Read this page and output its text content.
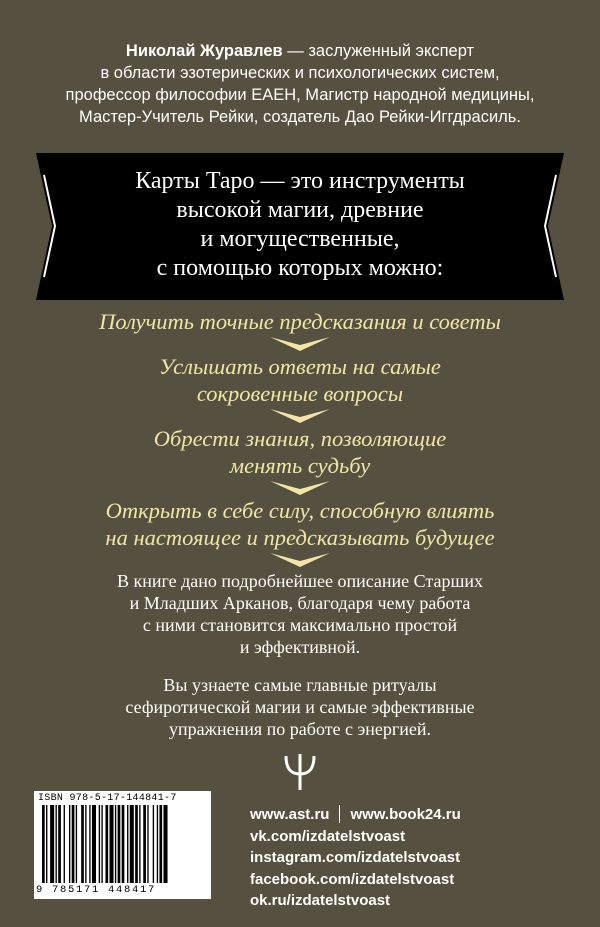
Николай Журавлев — заслуженный эксперт
в области эзотерических и психологических систем,
профессор философии ЕАЕН, Магистр народной медицины,
Мастер-Учитель Рейки, создатель Дао Рейки-Иггдрасиль.
Карты Таро — это инструменты
высокой магии, древние
и могущественные,
с помощью которых можно:
Получить точные предсказания и советы
Услышать ответы на самые
сокровенные вопросы
Обрести знания, позволяющие
менять судьбу
Открыть в себе силу, способную влиять
на настоящее и предсказывать будущее

В книге дано подробнейшее описание Старших
и Младших Арканов, благодаря чему работа
с ними становится максимально простой
и эффективной.

Вы узнаете самые главные ритуалы
сефиротической магии и самые эффективные
упражнения по работе с энергией.

ISBN 978-5-17-144841-7
9 785171 448417
www.ast.ru www.book24.ru
vk.com/izdatelstvoast
instagram.com/izdatelstvoast
facebook.com/izdatelstvoast
ok.ru/izdatelstvoast
